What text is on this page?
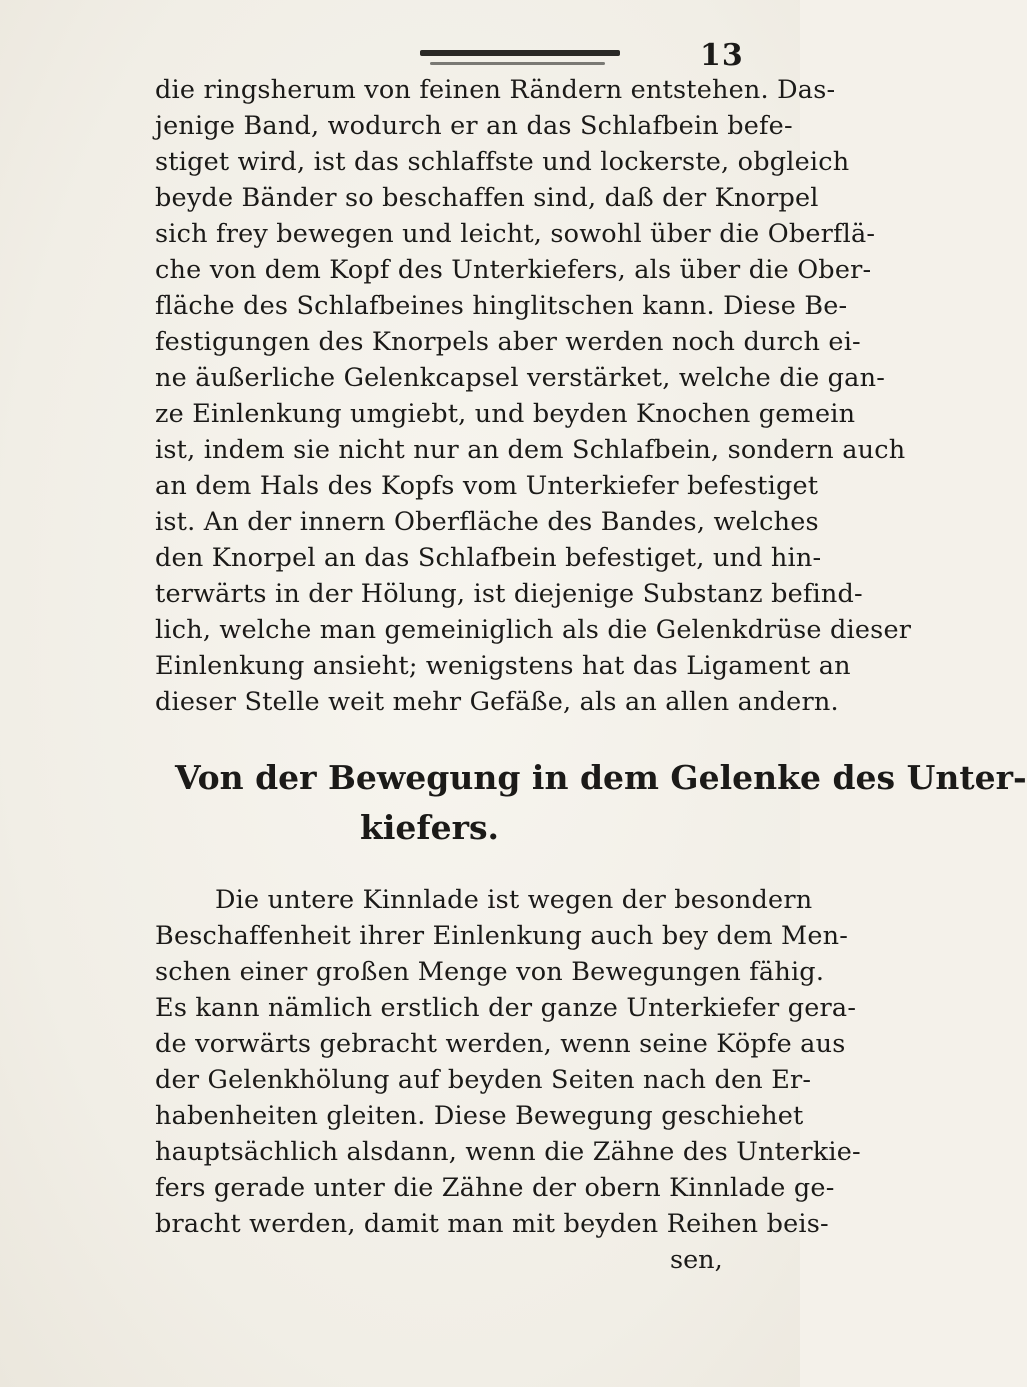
13
die ringsherum von feinen Rändern entstehen. Das-
jenige Band, wodurch er an das Schlafbein befe-
stiget wird, ist das schlaffste und lockerste, obgleich
beyde Bänder so beschaffen sind, daß der Knorpel
sich frey bewegen und leicht, sowohl über die Oberflä-
che von dem Kopf des Unterkiefers, als über die Ober-
fläche des Schlafbeines hinglitschen kann. Diese Be-
festigungen des Knorpels aber werden noch durch ei-
ne äußerliche Gelenkcapsel verstärket, welche die gan-
ze Einlenkung umgiebt, und beyden Knochen gemein
ist, indem sie nicht nur an dem Schlafbein, sondern auch
an dem Hals des Kopfs vom Unterkiefer befestiget
ist. An der innern Oberfläche des Bandes, welches
den Knorpel an das Schlafbein befestiget, und hin-
terwärts in der Hölung, ist diejenige Substanz befind-
lich, welche man gemeiniglich als die Gelenkdrüse dieser
Einlenkung ansieht; wenigstens hat das Ligament an
dieser Stelle weit mehr Gefäße, als an allen andern.
Von der Bewegung in dem Gelenke des Unter-
kiefers.
Die untere Kinnlade ist wegen der besondern
Beschaffenheit ihrer Einlenkung auch bey dem Men-
schen einer großen Menge von Bewegungen fähig.
Es kann nämlich erstlich der ganze Unterkiefer gera-
de vorwärts gebracht werden, wenn seine Köpfe aus
der Gelenkhölung auf beyden Seiten nach den Er-
habenheiten gleiten. Diese Bewegung geschiehet
hauptsächlich alsdann, wenn die Zähne des Unterkie-
fers gerade unter die Zähne der obern Kinnlade ge-
bracht werden, damit man mit beyden Reihen beis-
sen,
